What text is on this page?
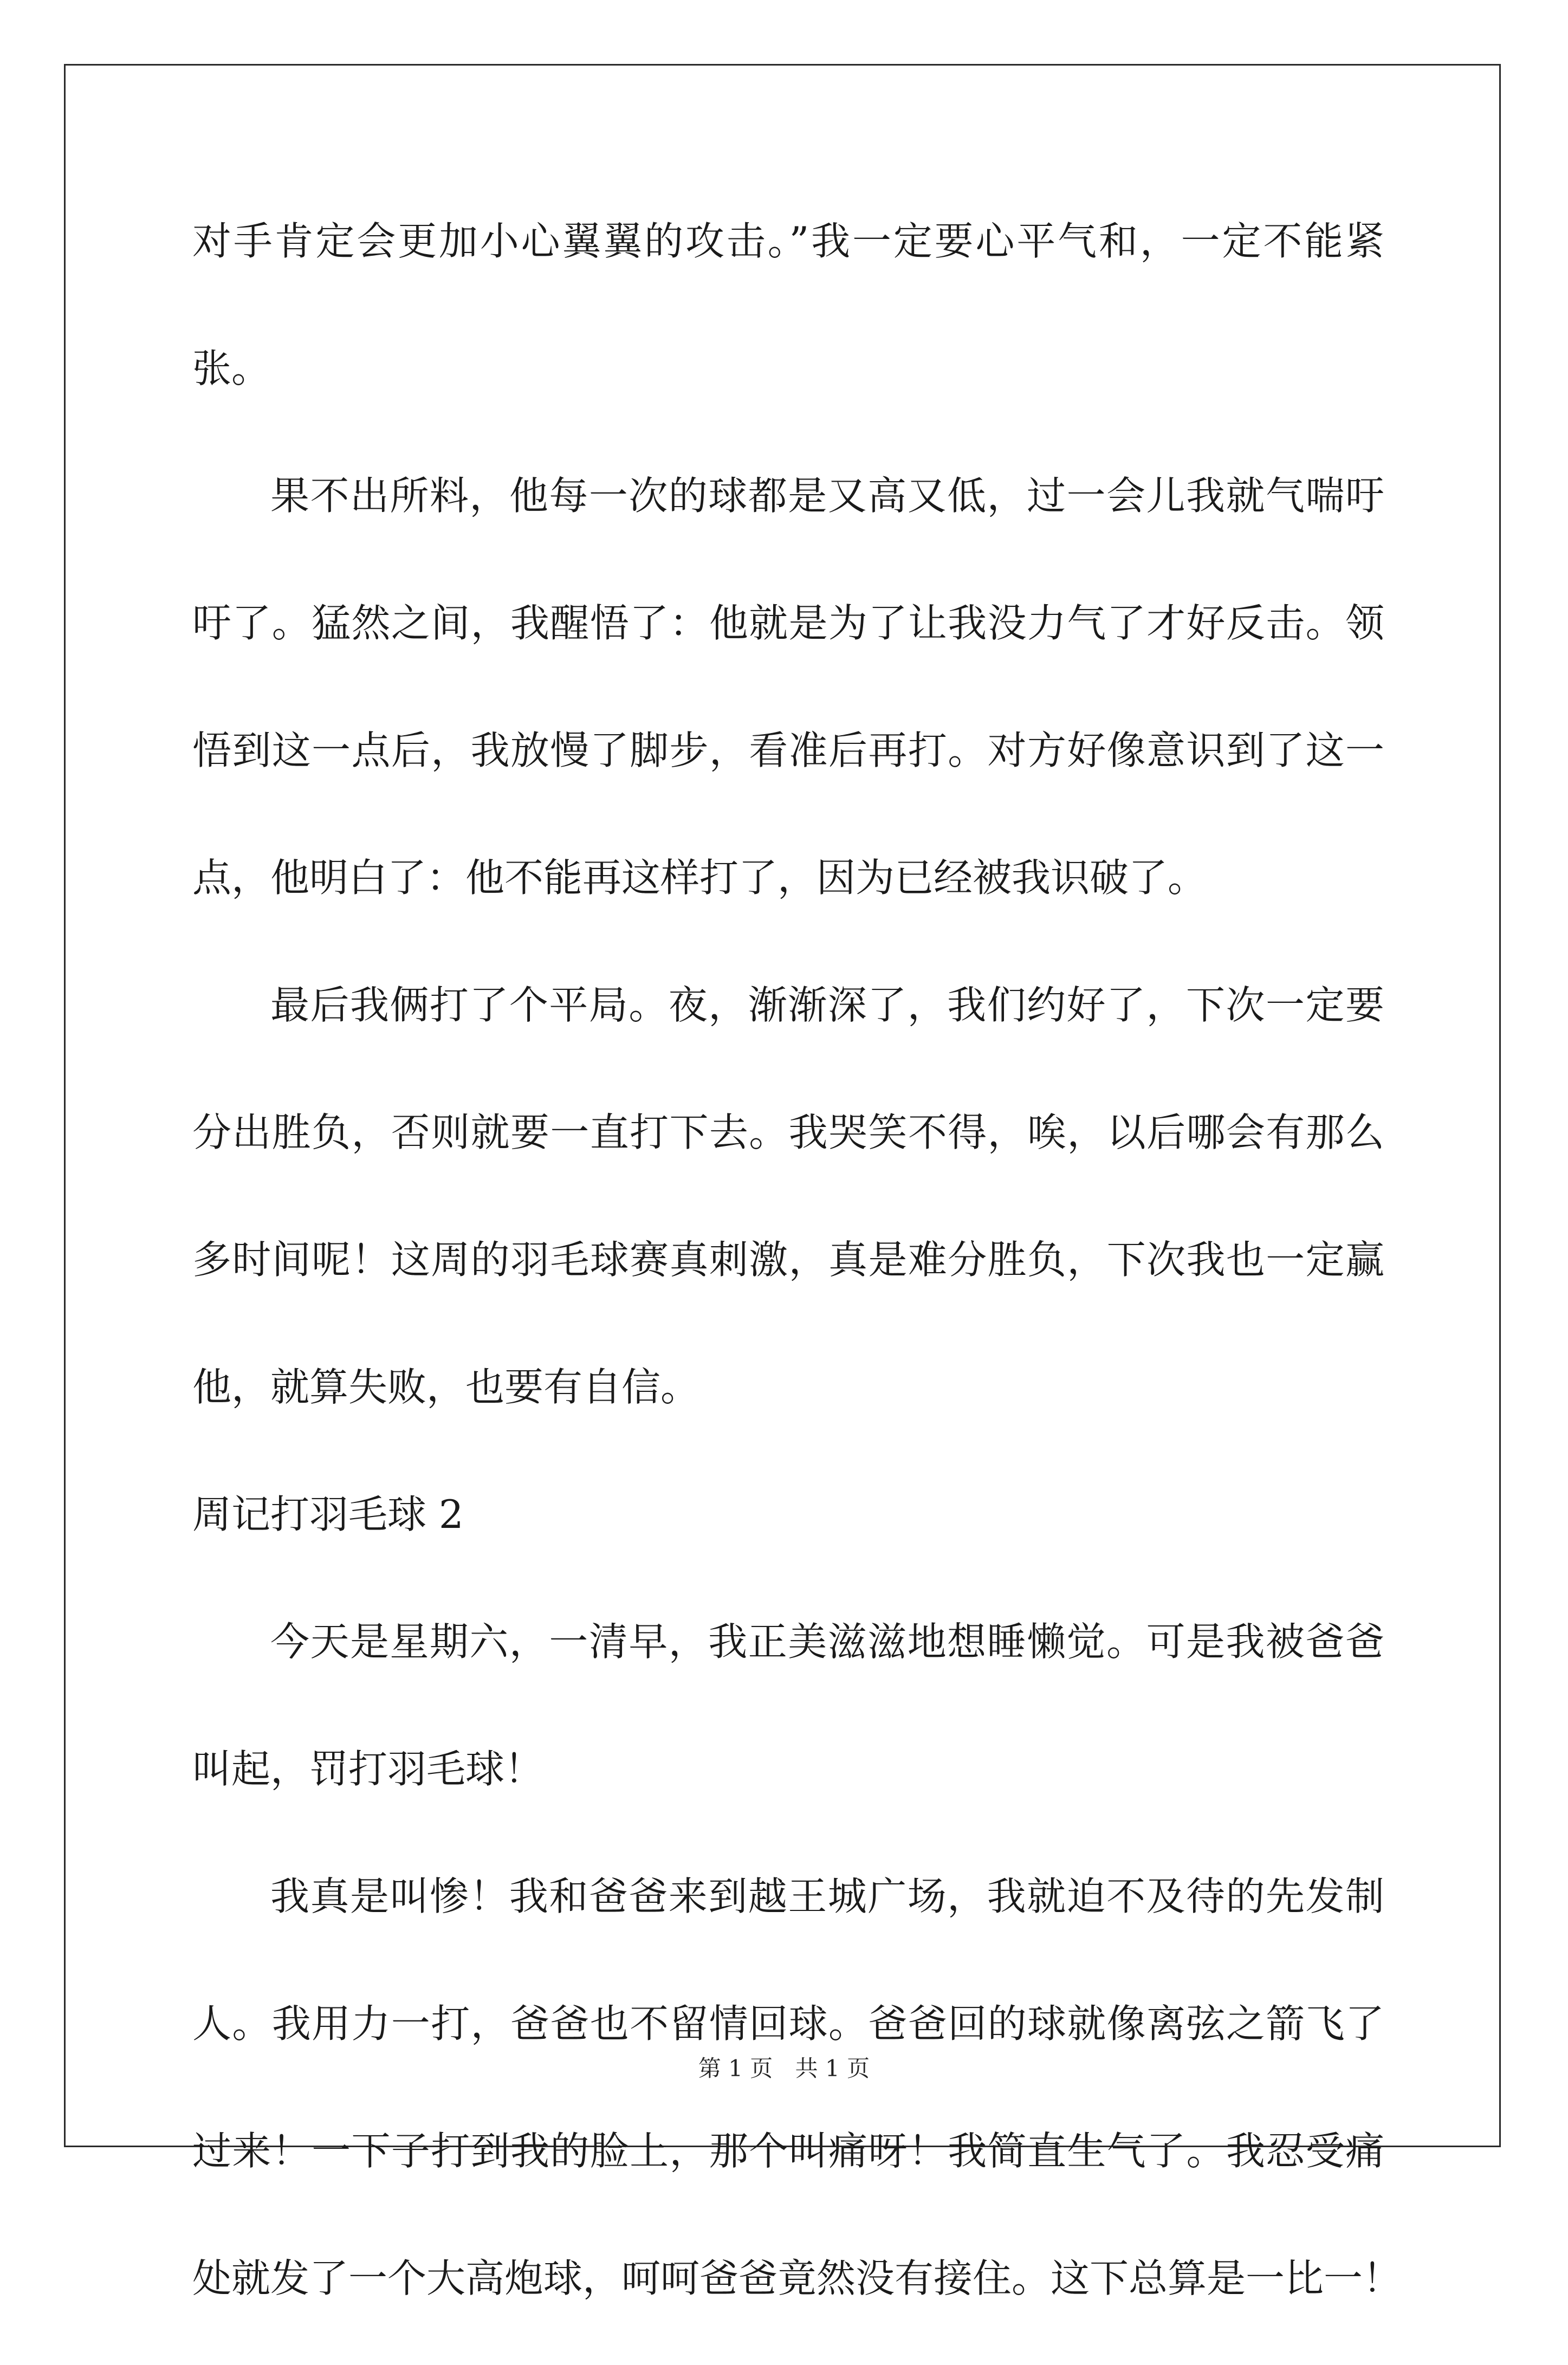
对手肯定会更加小心翼翼的攻击。”我一定要心平气和，一定不能紧
张。
果不出所料，他每一次的球都是又高又低，过一会儿我就气喘吁
吁了。猛然之间，我醒悟了：他就是为了让我没力气了才好反击。领
悟到这一点后，我放慢了脚步，看准后再打。对方好像意识到了这一
点，他明白了：他不能再这样打了，因为已经被我识破了。
最后我俩打了个平局。夜，渐渐深了，我们约好了，下次一定要
分出胜负，否则就要一直打下去。我哭笑不得，唉，以后哪会有那么
多时间呢！这周的羽毛球赛真刺激，真是难分胜负，下次我也一定赢
他，就算失败，也要有自信。
周记打羽毛球 2
今天是星期六，一清早，我正美滋滋地想睡懒觉。可是我被爸爸
叫起，罚打羽毛球！
我真是叫惨！我和爸爸来到越王城广场，我就迫不及待的先发制
人。我用力一打，爸爸也不留情回球。爸爸回的球就像离弦之箭飞了
过来！一下子打到我的脸上，那个叫痛呀！我简直生气了。我忍受痛
处就发了一个大高炮球，呵呵爸爸竟然没有接住。这下总算是一比一！
第 1 页 共 1 页
